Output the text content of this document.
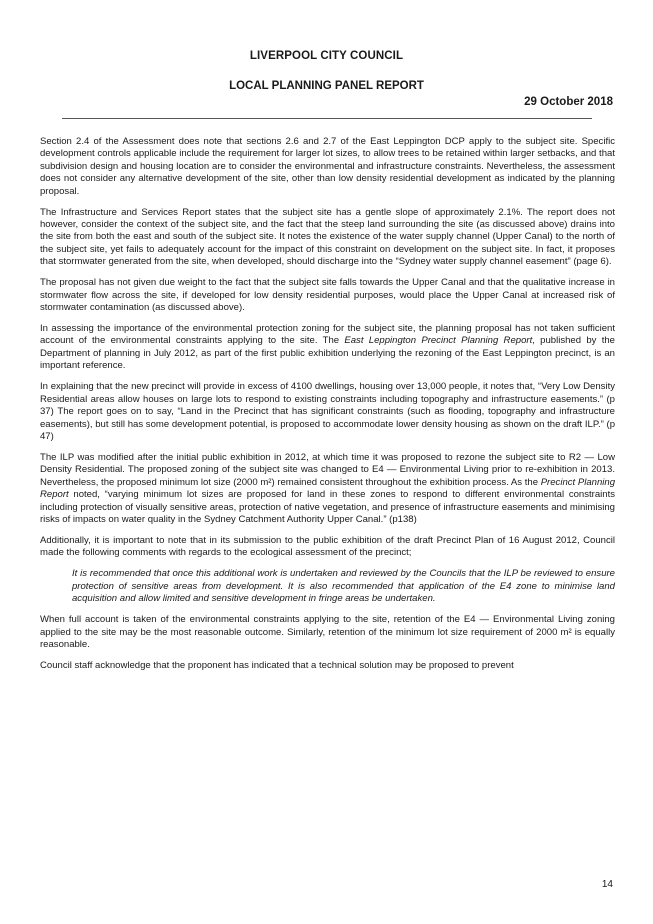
LIVERPOOL CITY COUNCIL
LOCAL PLANNING PANEL REPORT
29 October 2018

Section 2.4 of the Assessment does note that sections 2.6 and 2.7 of the East Leppington DCP apply to the subject site. Specific development controls applicable include the requirement for larger lot sizes, to allow trees to be retained within larger setbacks, and that subdivision design and housing location are to consider the environmental and infrastructure constraints. Nevertheless, the assessment does not consider any alternative development of the site, other than low density residential development as indicated by the planning proposal.

The Infrastructure and Services Report states that the subject site has a gentle slope of approximately 2.1%. The report does not however, consider the context of the subject site, and the fact that the steep land surrounding the site (as discussed above) drains into the site from both the east and south of the subject site. It notes the existence of the water supply channel (Upper Canal) to the north of the subject site, yet fails to adequately account for the impact of this constraint on development on the subject site. In fact, it proposes that stormwater generated from the site, when developed, should discharge into the “Sydney water supply channel easement” (page 6).

The proposal has not given due weight to the fact that the subject site falls towards the Upper Canal and that the qualitative increase in stormwater flow across the site, if developed for low density residential purposes, would place the Upper Canal at increased risk of stormwater contamination (as discussed above).

In assessing the importance of the environmental protection zoning for the subject site, the planning proposal has not taken sufficient account of the environmental constraints applying to the site. The East Leppington Precinct Planning Report, published by the Department of planning in July 2012, as part of the first public exhibition underlying the rezoning of the East Leppington precinct, is an important reference.

In explaining that the new precinct will provide in excess of 4100 dwellings, housing over 13,000 people, it notes that, “Very Low Density Residential areas allow houses on large lots to respond to existing constraints including topography and infrastructure easements.” (p 37) The report goes on to say, “Land in the Precinct that has significant constraints (such as flooding, topography and infrastructure easements), but still has some development potential, is proposed to accommodate lower density housing as shown on the draft ILP.” (p 47)

The ILP was modified after the initial public exhibition in 2012, at which time it was proposed to rezone the subject site to R2 — Low Density Residential. The proposed zoning of the subject site was changed to E4 — Environmental Living prior to re-exhibition in 2013. Nevertheless, the proposed minimum lot size (2000 m²) remained consistent throughout the exhibition process. As the Precinct Planning Report noted, “varying minimum lot sizes are proposed for land in these zones to respond to different environmental constraints including protection of visually sensitive areas, protection of native vegetation, and presence of infrastructure easements and minimising risks of impacts on water quality in the Sydney Catchment Authority Upper Canal.” (p138)

Additionally, it is important to note that in its submission to the public exhibition of the draft Precinct Plan of 16 August 2012, Council made the following comments with regards to the ecological assessment of the precinct;

It is recommended that once this additional work is undertaken and reviewed by the Councils that the ILP be reviewed to ensure protection of sensitive areas from development. It is also recommended that application of the E4 zone to minimise land acquisition and allow limited and sensitive development in fringe areas be undertaken.

When full account is taken of the environmental constraints applying to the site, retention of the E4 — Environmental Living zoning applied to the site may be the most reasonable outcome. Similarly, retention of the minimum lot size requirement of 2000 m² is equally reasonable.

Council staff acknowledge that the proponent has indicated that a technical solution may be proposed to prevent

14
